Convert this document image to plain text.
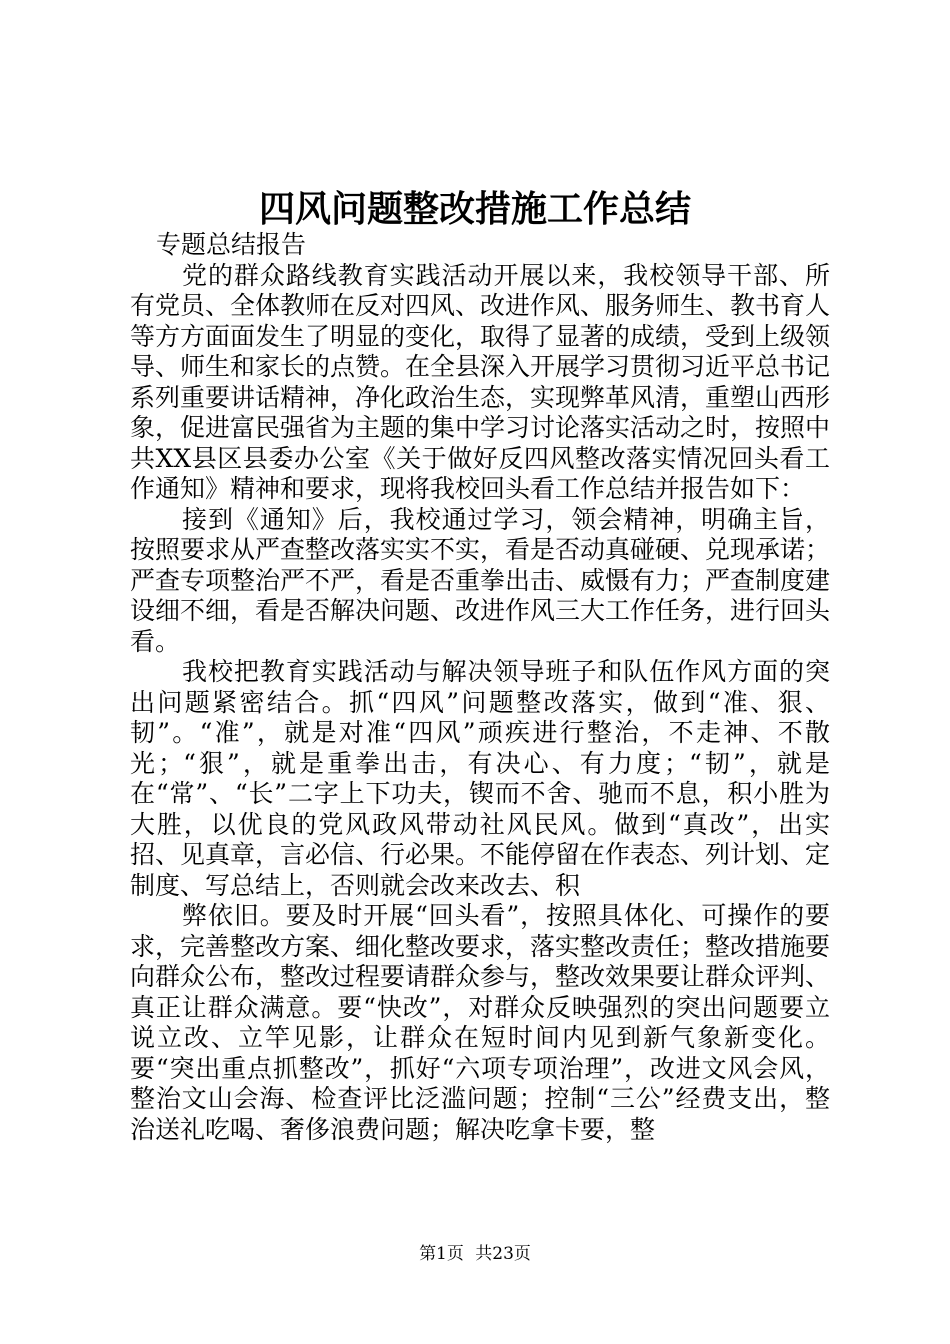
四风问题整改措施工作总结

专题总结报告

党的群众路线教育实践活动开展以来，我校领导干部、所有党员、全体教师在反对四风、改进作风、服务师生、教书育人等方方面面发生了明显的变化，取得了显著的成绩，受到上级领导、师生和家长的点赞。在全县深入开展学习贯彻习近平总书记系列重要讲话精神，净化政治生态，实现弊革风清，重塑山西形象，促进富民强省为主题的集中学习讨论落实活动之时，按照中共XX县区县委办公室《关于做好反四风整改落实情况回头看工作通知》精神和要求，现将我校回头看工作总结并报告如下：

接到《通知》后，我校通过学习，领会精神，明确主旨，按照要求从严查整改落实实不实，看是否动真碰硬、兑现承诺；严查专项整治严不严，看是否重拳出击、威慑有力；严查制度建设细不细，看是否解决问题、改进作风三大工作任务，进行回头看。

我校把教育实践活动与解决领导班子和队伍作风方面的突出问题紧密结合。抓“四风”问题整改落实，做到“准、狠、韧”。“准”，就是对准“四风”顽疾进行整治，不走神、不散光；“狠”，就是重拳出击，有决心、有力度；“韧”，就是在“常”、“长”二字上下功夫，锲而不舍、驰而不息，积小胜为大胜，以优良的党风政风带动社风民风。做到“真改”，出实招、见真章，言必信、行必果。不能停留在作表态、列计划、定制度、写总结上，否则就会改来改去、积

弊依旧。要及时开展“回头看”，按照具体化、可操作的要求，完善整改方案、细化整改要求，落实整改责任；整改措施要向群众公布，整改过程要请群众参与，整改效果要让群众评判、真正让群众满意。要“快改”，对群众反映强烈的突出问题要立说立改、立竿见影，让群众在短时间内见到新气象新变化。要“突出重点抓整改”，抓好“六项专项治理”，改进文风会风，整治文山会海、检查评比泛滥问题；控制“三公”经费支出，整治送礼吃喝、奢侈浪费问题；解决吃拿卡要，整

第1页 共23页
